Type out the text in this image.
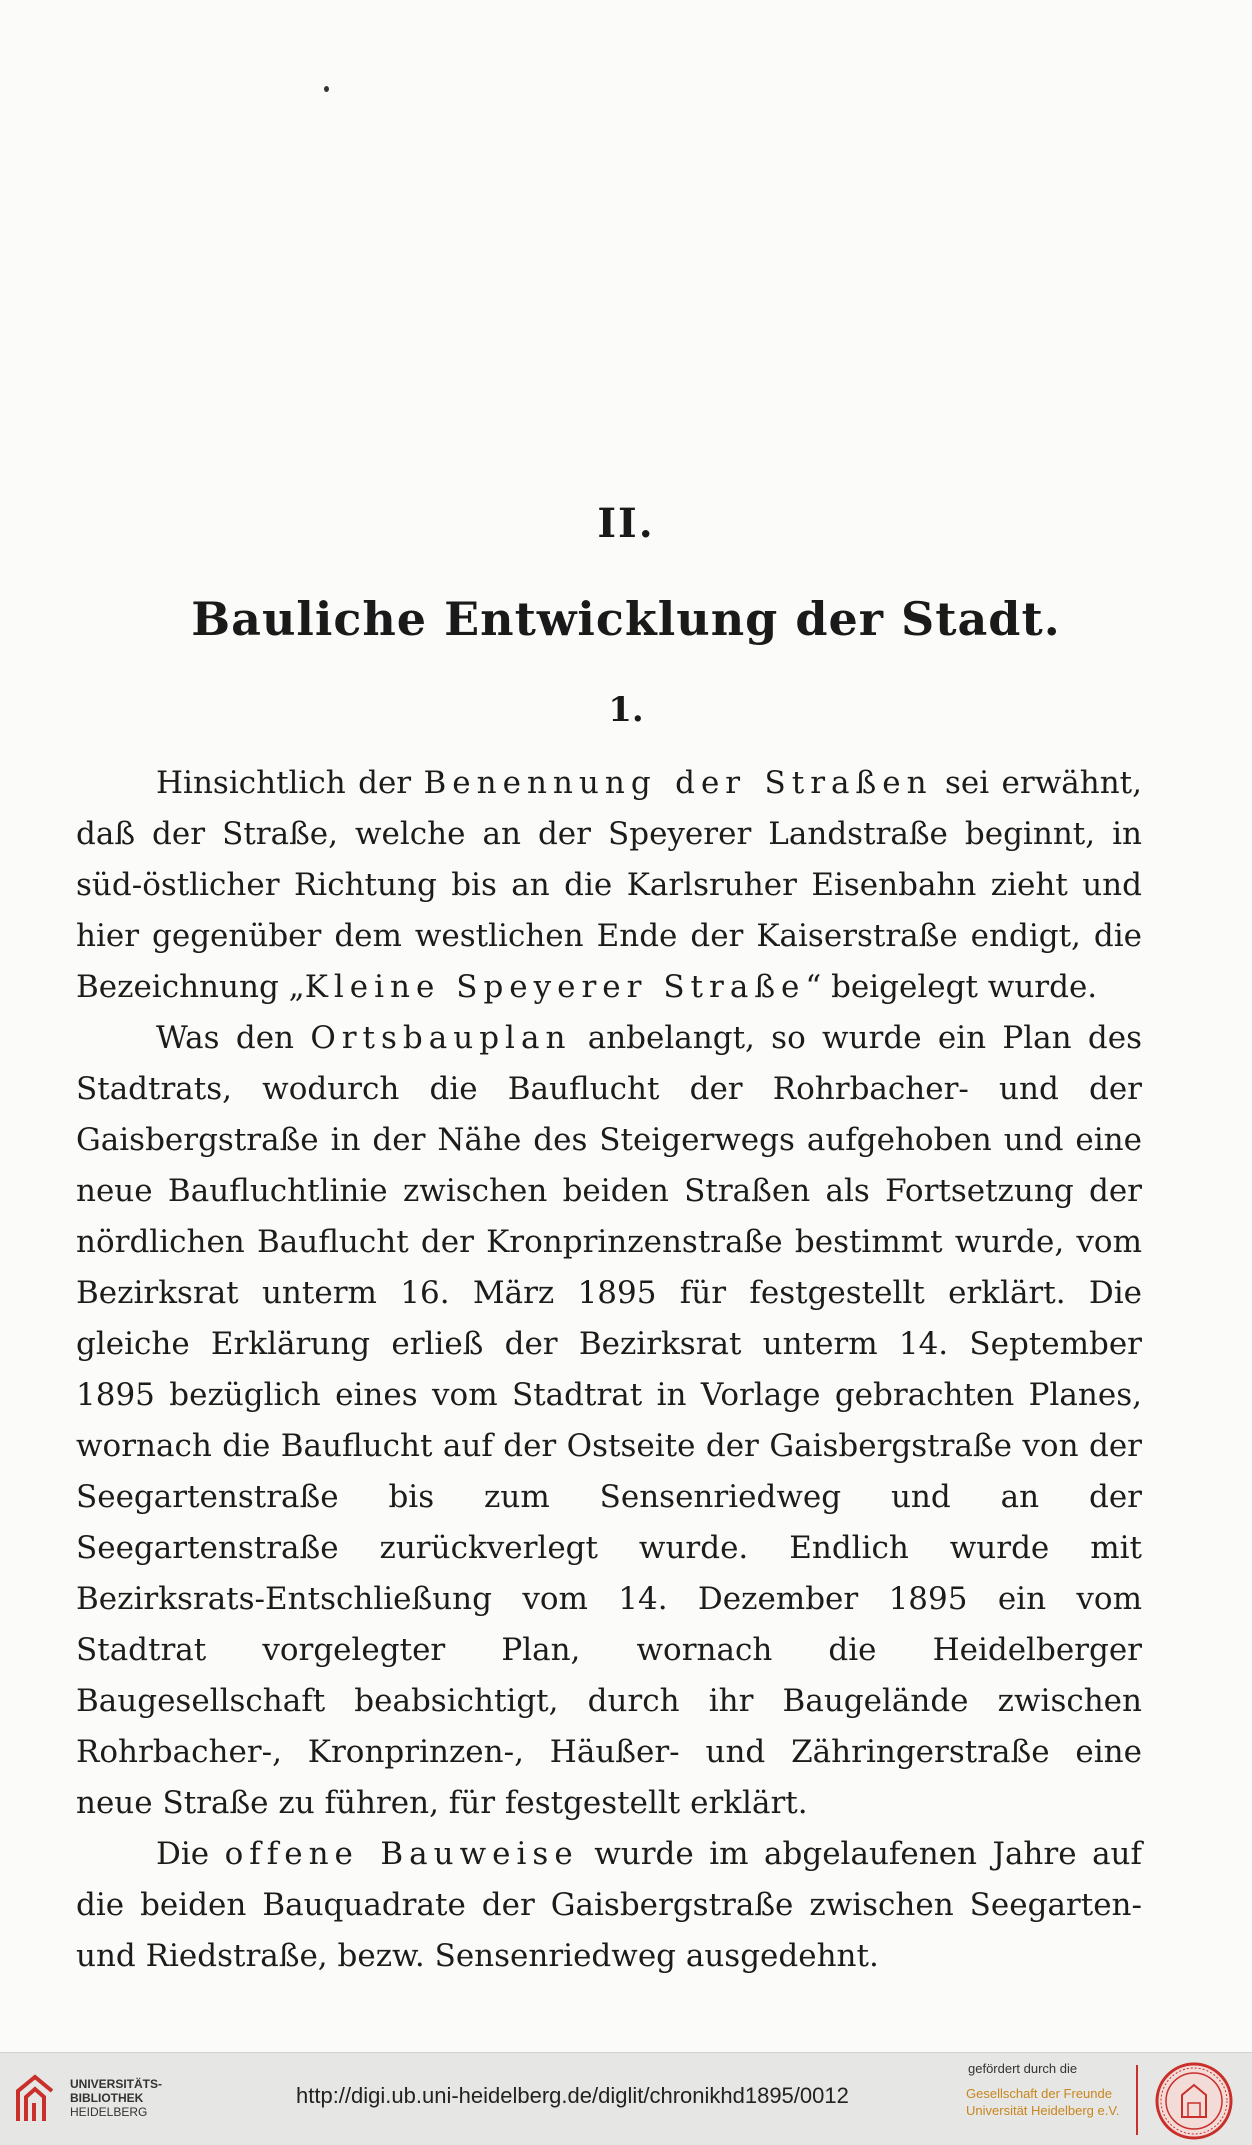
II.
Bauliche Entwicklung der Stadt.
1.

Hinsichtlich der Benennung der Straßen sei erwähnt, daß der Straße, welche an der Speyerer Landstraße beginnt, in süd-östlicher Richtung bis an die Karlsruher Eisenbahn zieht und hier gegenüber dem westlichen Ende der Kaiserstraße endigt, die Bezeichnung „Kleine Speyerer Straße“ beigelegt wurde.

Was den Ortsbauplan anbelangt, so wurde ein Plan des Stadtrats, wodurch die Bauflucht der Rohrbacher- und der Gaisbergstraße in der Nähe des Steigerwegs aufgehoben und eine neue Baufluchtlinie zwischen beiden Straßen als Fortsetzung der nördlichen Bauflucht der Kronprinzenstraße bestimmt wurde, vom Bezirksrat unterm 16. März 1895 für festgestellt erklärt. Die gleiche Erklärung erließ der Bezirksrat unterm 14. September 1895 bezüglich eines vom Stadtrat in Vorlage gebrachten Planes, wornach die Bauflucht auf der Ostseite der Gaisbergstraße von der Seegartenstraße bis zum Sensenriedweg und an der Seegartenstraße zurückverlegt wurde. Endlich wurde mit Bezirksrats-Entschließung vom 14. Dezember 1895 ein vom Stadtrat vorgelegter Plan, wornach die Heidelberger Baugesellschaft beabsichtigt, durch ihr Baugelände zwischen Rohrbacher-, Kronprinzen-, Häußer- und Zähringerstraße eine neue Straße zu führen, für festgestellt erklärt.

Die offene Bauweise wurde im abgelaufenen Jahre auf die beiden Bauquadrate der Gaisbergstraße zwischen Seegarten- und Riedstraße, bezw. Sensenriedweg ausgedehnt.

UNIVERSITÄTS-
BIBLIOTHEK
HEIDELBERG
http://digi.ub.uni-heidelberg.de/diglit/chronikhd1895/0012
gefördert durch die
Gesellschaft der Freunde
Universität Heidelberg e.V.
